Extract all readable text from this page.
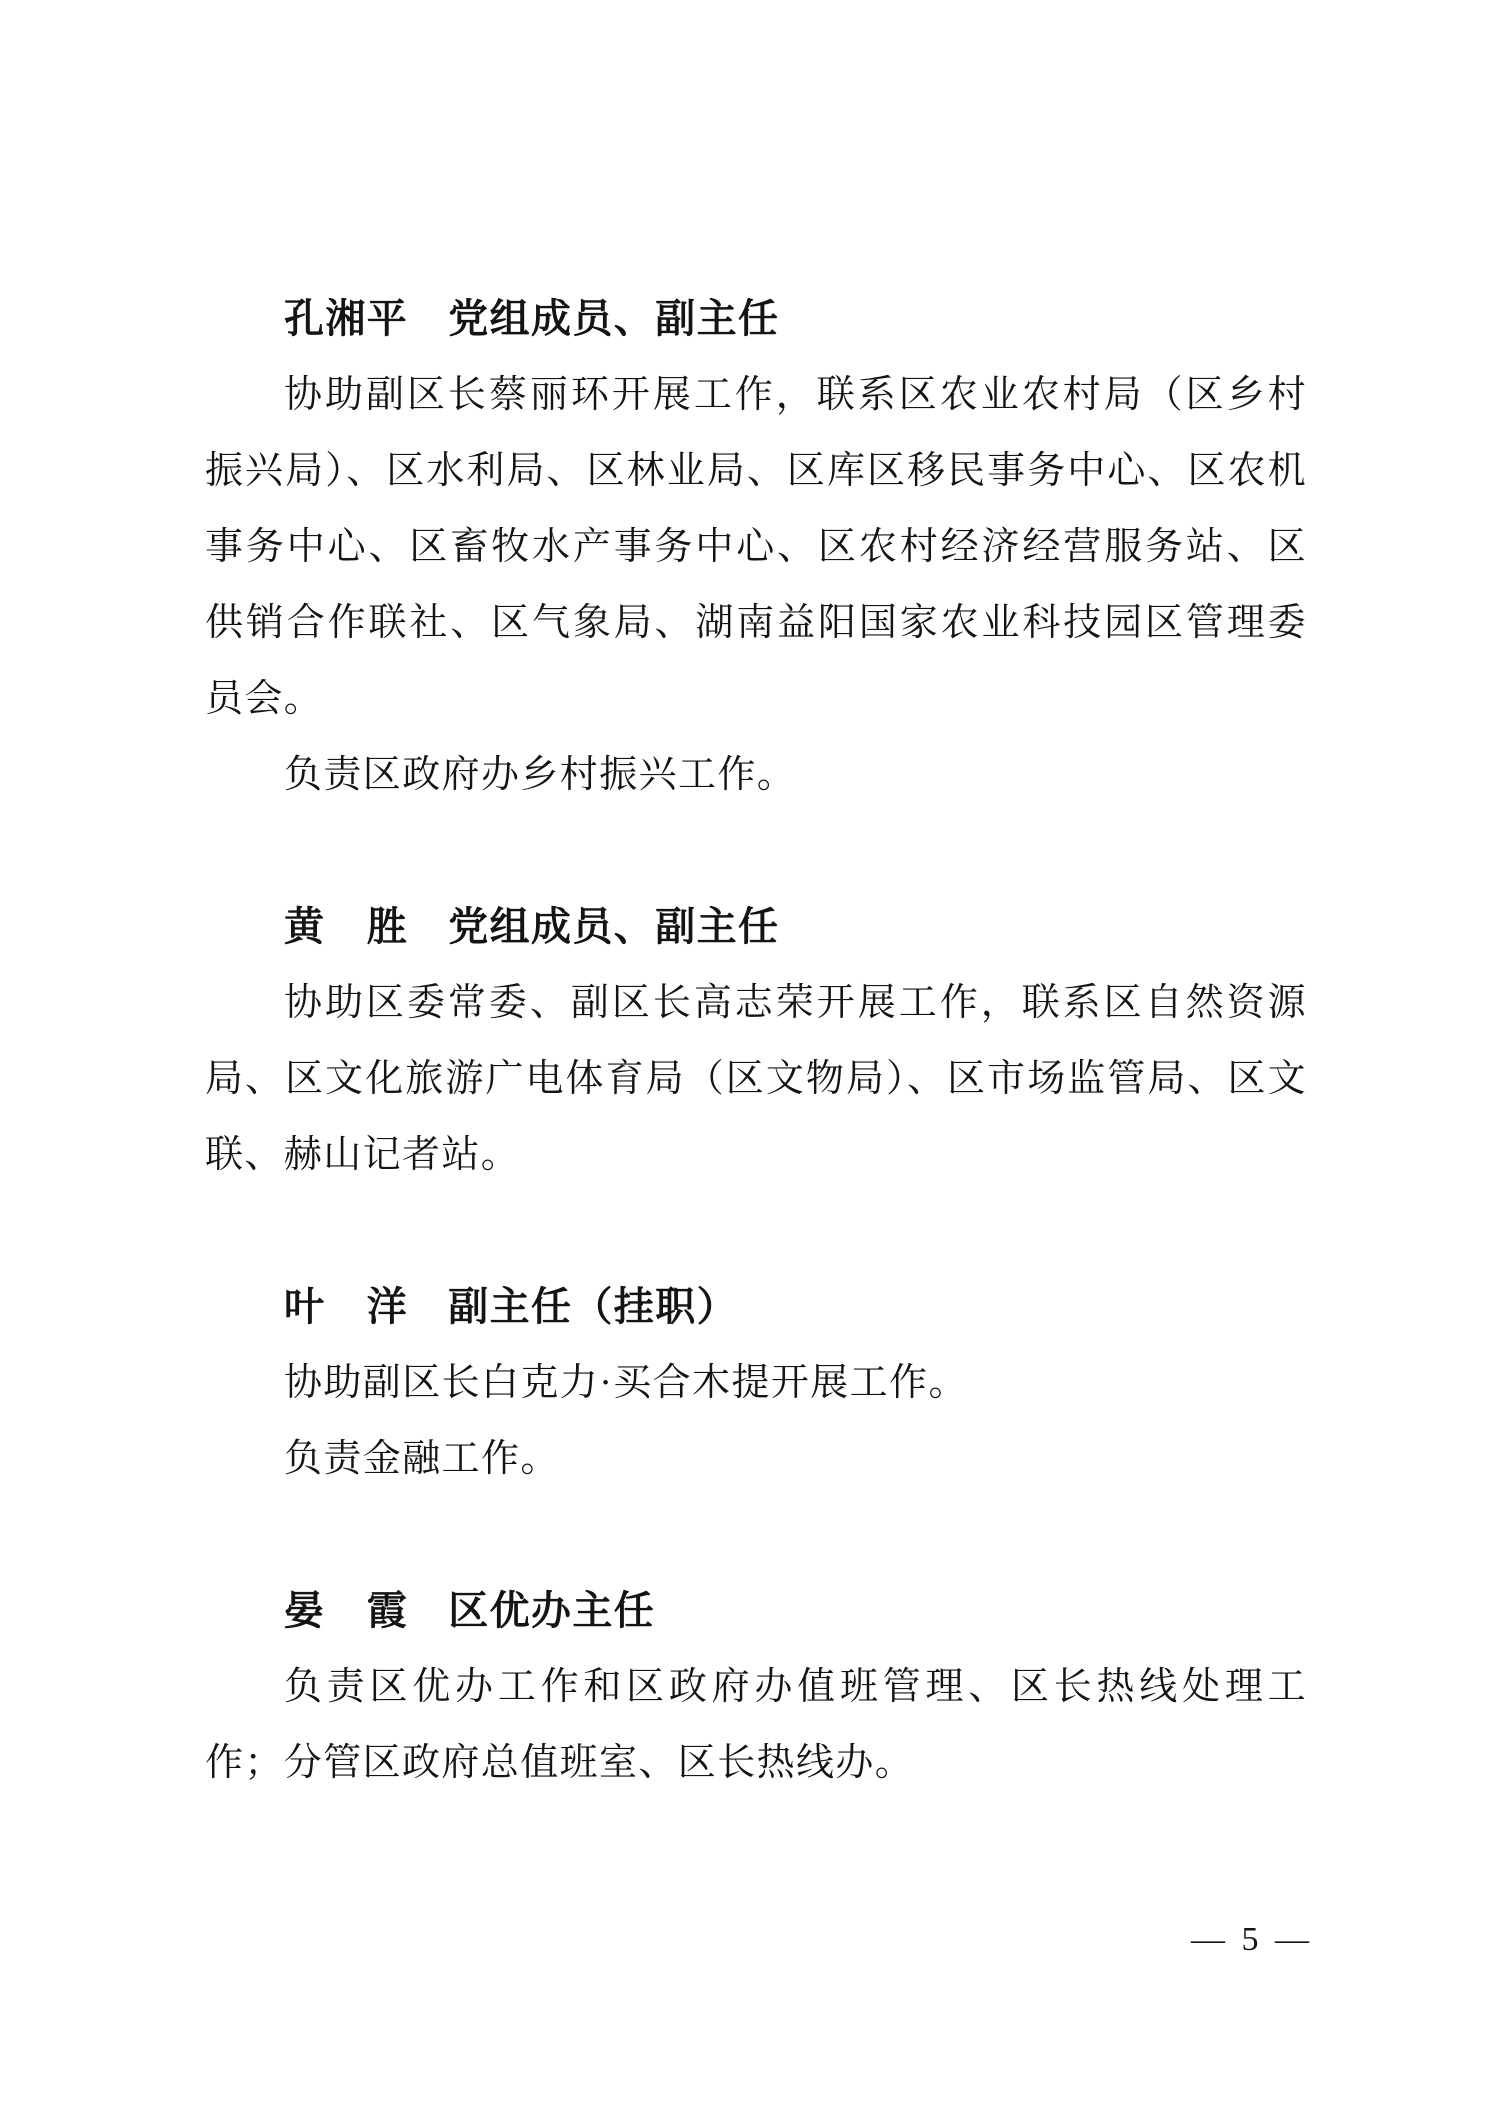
孔湘平 党组成员、副主任

协助副区长蔡丽环开展工作，联系区农业农村局（区乡村振兴局）、区水利局、区林业局、区库区移民事务中心、区农机事务中心、区畜牧水产事务中心、区农村经济经营服务站、区供销合作联社、区气象局、湖南益阳国家农业科技园区管理委员会。

负责区政府办乡村振兴工作。

黄　胜 党组成员、副主任

协助区委常委、副区长高志荣开展工作，联系区自然资源局、区文化旅游广电体育局（区文物局）、区市场监管局、区文联、赫山记者站。

叶　洋 副主任（挂职）

协助副区长白克力·买合木提开展工作。

负责金融工作。

晏　霞 区优办主任

负责区优办工作和区政府办值班管理、区长热线处理工作；分管区政府总值班室、区长热线办。

— 5 —
